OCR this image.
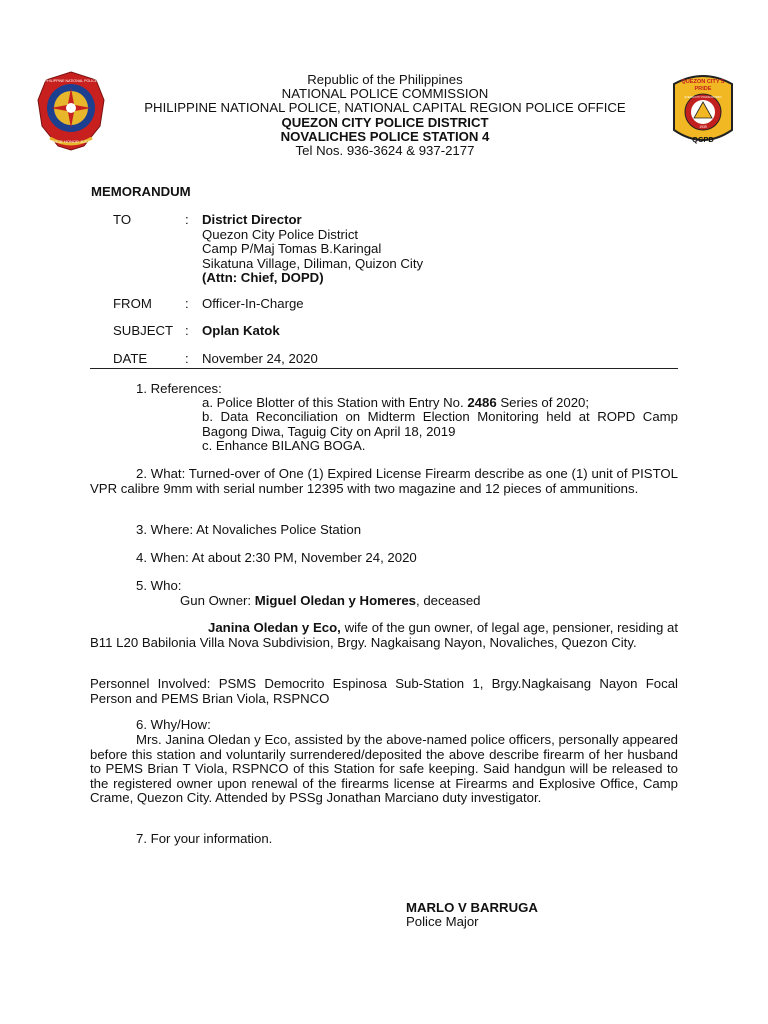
SERVICE HONOR JUSTICE
PHILIPPINE NATIONAL POLICE	Republic of the Philippines
NATIONAL POLICE COMMISSION
PHILIPPINE NATIONAL POLICE, NATIONAL CAPITAL REGION POLICE OFFICE
QUEZON CITY POLICE DISTRICT
NOVALICHES POLICE STATION 4
Tel Nos. 936-3624 & 937-2177
QUEZON CITY'S
PRIDE
QUEZON CITY POLICE DISTRICT
1939
QCPD
MEMORANDUM
TO	: District Director
Quezon City Police District
Camp P/Maj Tomas B.Karingal
Sikatuna Village, Diliman, Quizon City
(Attn: Chief, DOPD)
FROM	: Officer-In-Charge
SUBJECT : Oplan Katok
DATE	: November 24, 2020
1. References:
a. Police Blotter of this Station with Entry No. 2486 Series of 2020;
b. Data Reconciliation on Midterm Election Monitoring held at ROPD Camp Bagong Diwa, Taguig City on April 18, 2019
c. Enhance BILANG BOGA.
2. What: Turned-over of One (1) Expired License Firearm describe as one (1) unit of PISTOL VPR calibre 9mm with serial number 12395 with two magazine and 12 pieces of ammunitions.
3. Where: At Novaliches Police Station
4. When: At about 2:30 PM, November 24, 2020
5. Who:
Gun Owner: Miguel Oledan y Homeres, deceased
Janina Oledan y Eco, wife of the gun owner, of legal age, pensioner, residing at B11 L20 Babilonia Villa Nova Subdivision, Brgy. Nagkaisang Nayon, Novaliches, Quezon City.
Personnel Involved: PSMS Democrito Espinosa Sub-Station 1, Brgy.Nagkaisang Nayon Focal Person and PEMS Brian Viola, RSPNCO
6. Why/How:
Mrs. Janina Oledan y Eco, assisted by the above-named police officers, personally appeared before this station and voluntarily surrendered/deposited the above describe firearm of her husband to PEMS Brian T Viola, RSPNCO of this Station for safe keeping. Said handgun will be released to the registered owner upon renewal of the firearms license at Firearms and Explosive Office, Camp Crame, Quezon City. Attended by PSSg Jonathan Marciano duty investigator.
7. For your information.
MARLO V BARRUGA
Police Major
